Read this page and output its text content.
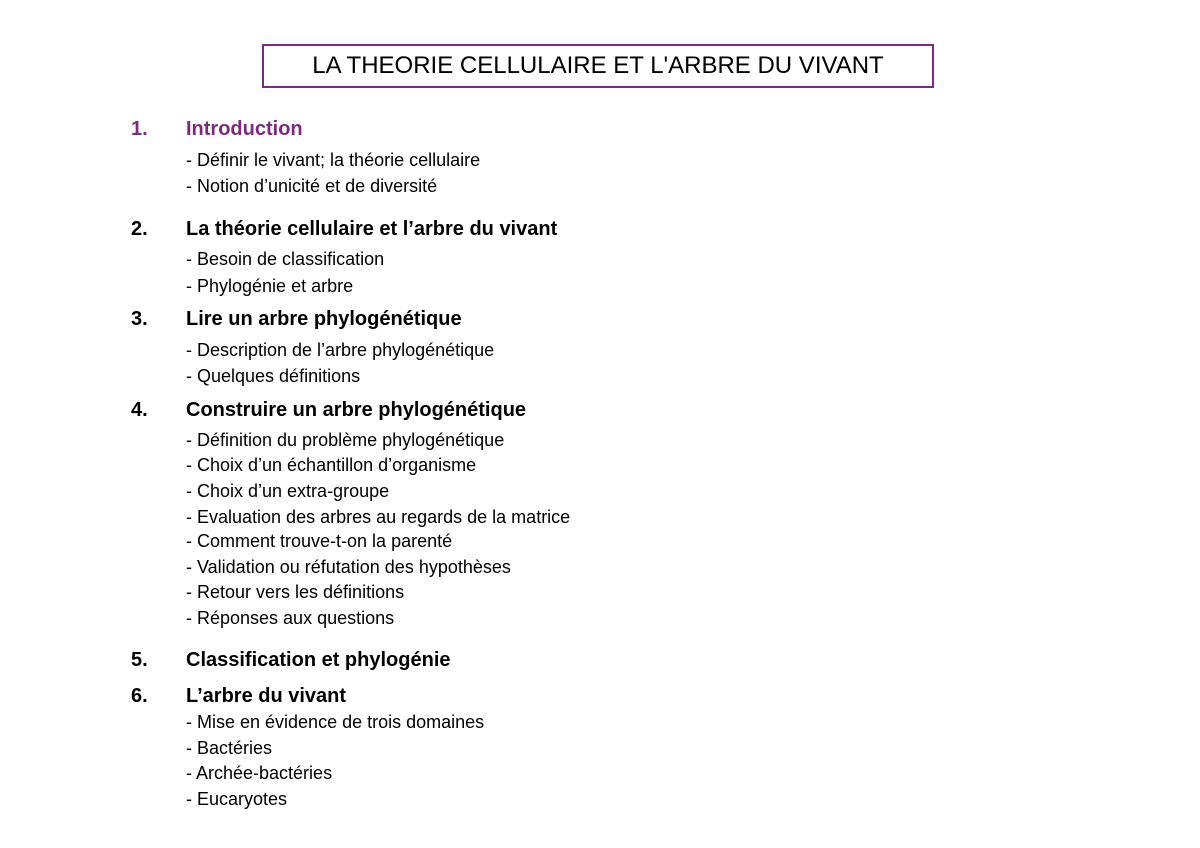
LA THEORIE CELLULAIRE ET L'ARBRE DU VIVANT
1. Introduction
- Définir le vivant; la théorie cellulaire
- Notion d’unicité et de diversité
2. La théorie cellulaire et l’arbre du vivant
- Besoin de classification
- Phylogénie et arbre
3. Lire un arbre phylogénétique
- Description de l’arbre phylogénétique
- Quelques définitions
4. Construire un arbre phylogénétique
- Définition du problème phylogénétique
- Choix d’un échantillon d’organisme
- Choix d’un extra-groupe
- Evaluation des arbres au regards de la matrice
- Comment trouve-t-on la parenté
- Validation ou réfutation des hypothèses
- Retour vers les définitions
- Réponses aux questions
5. Classification et phylogénie
6. L’arbre du vivant
- Mise en évidence de trois domaines
- Bactéries
- Archée-bactéries
- Eucaryotes
